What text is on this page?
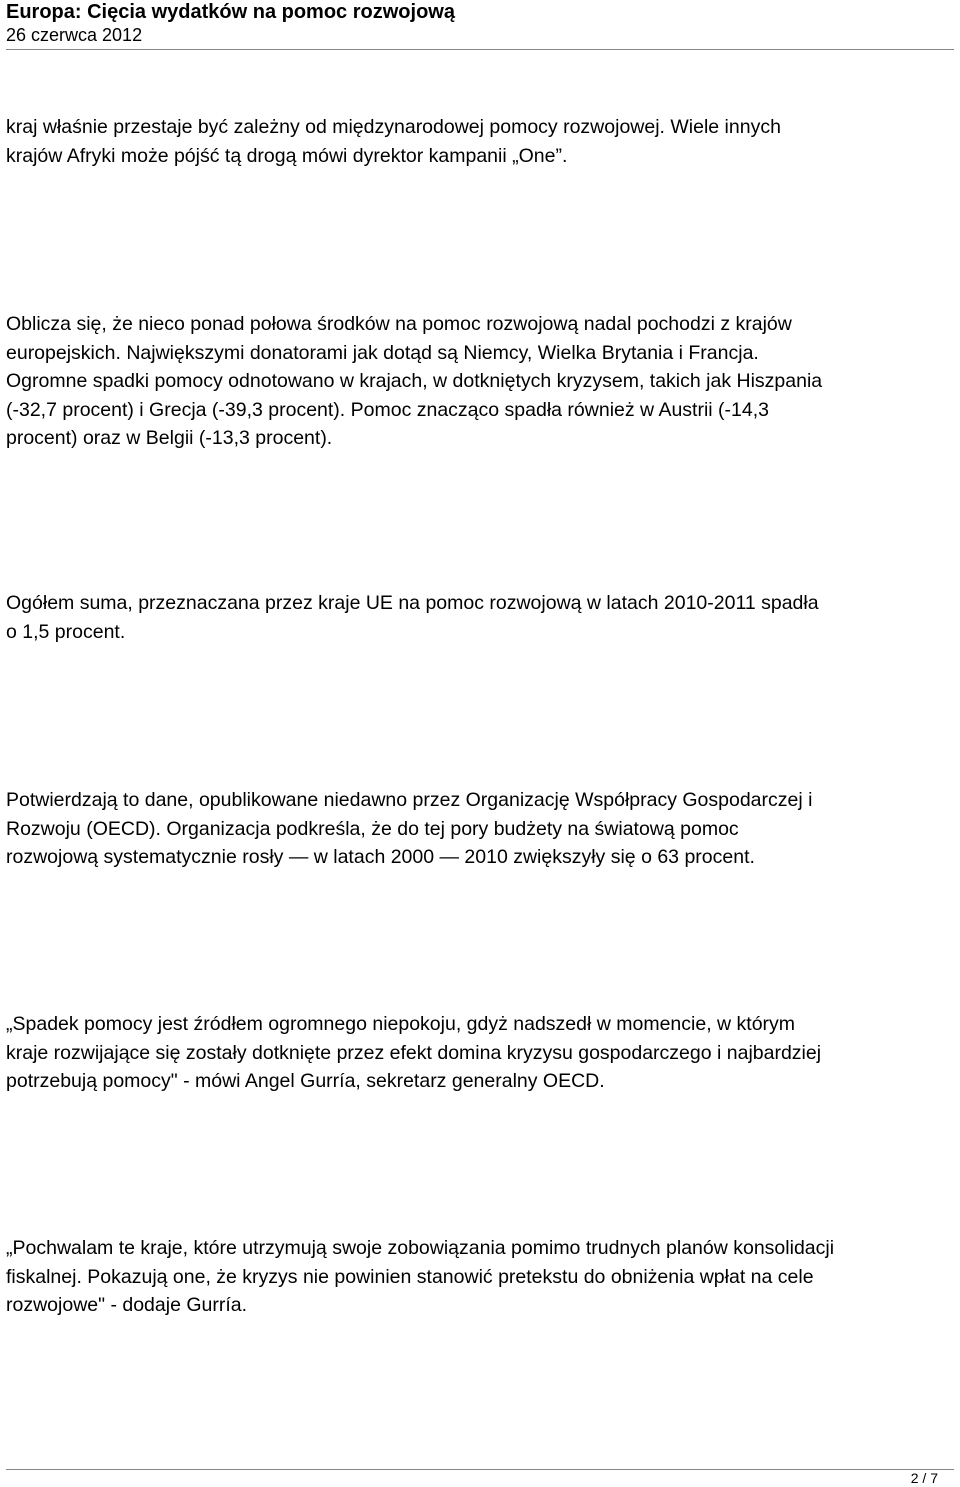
Europa: Cięcia wydatków na pomoc rozwojową

26 czerwca 2012

kraj właśnie przestaje być zależny od międzynarodowej pomocy rozwojowej. Wiele innych
krajów Afryki może pójść tą drogą mówi dyrektor kampanii „One”.

Oblicza się, że nieco ponad połowa środków na pomoc rozwojową nadal pochodzi z krajów
europejskich. Największymi donatorami jak dotąd są Niemcy, Wielka Brytania i Francja.
Ogromne spadki pomocy odnotowano w krajach, w dotkniętych kryzysem, takich jak Hiszpania
(-32,7 procent) i Grecja (-39,3 procent). Pomoc znacząco spadła również w Austrii (-14,3
procent) oraz w Belgii (-13,3 procent).

Ogółem suma, przeznaczana przez kraje UE na pomoc rozwojową w latach 2010-2011 spadła
o 1,5 procent.

Potwierdzają to dane, opublikowane niedawno przez Organizację Współpracy Gospodarczej i
Rozwoju (OECD). Organizacja podkreśla, że do tej pory budżety na światową pomoc
rozwojową systematycznie rosły — w latach 2000 — 2010 zwiększyły się o 63 procent.

„Spadek pomocy jest źródłem ogromnego niepokoju, gdyż nadszedł w momencie, w którym
kraje rozwijające się zostały dotknięte przez efekt domina kryzysu gospodarczego i najbardziej
potrzebują pomocy" - mówi Angel Gurría, sekretarz generalny OECD.

„Pochwalam te kraje, które utrzymują swoje zobowiązania pomimo trudnych planów konsolidacji
fiskalnej. Pokazują one, że kryzys nie powinien stanowić pretekstu do obniżenia wpłat na cele
rozwojowe" - dodaje Gurría.

2 / 7
